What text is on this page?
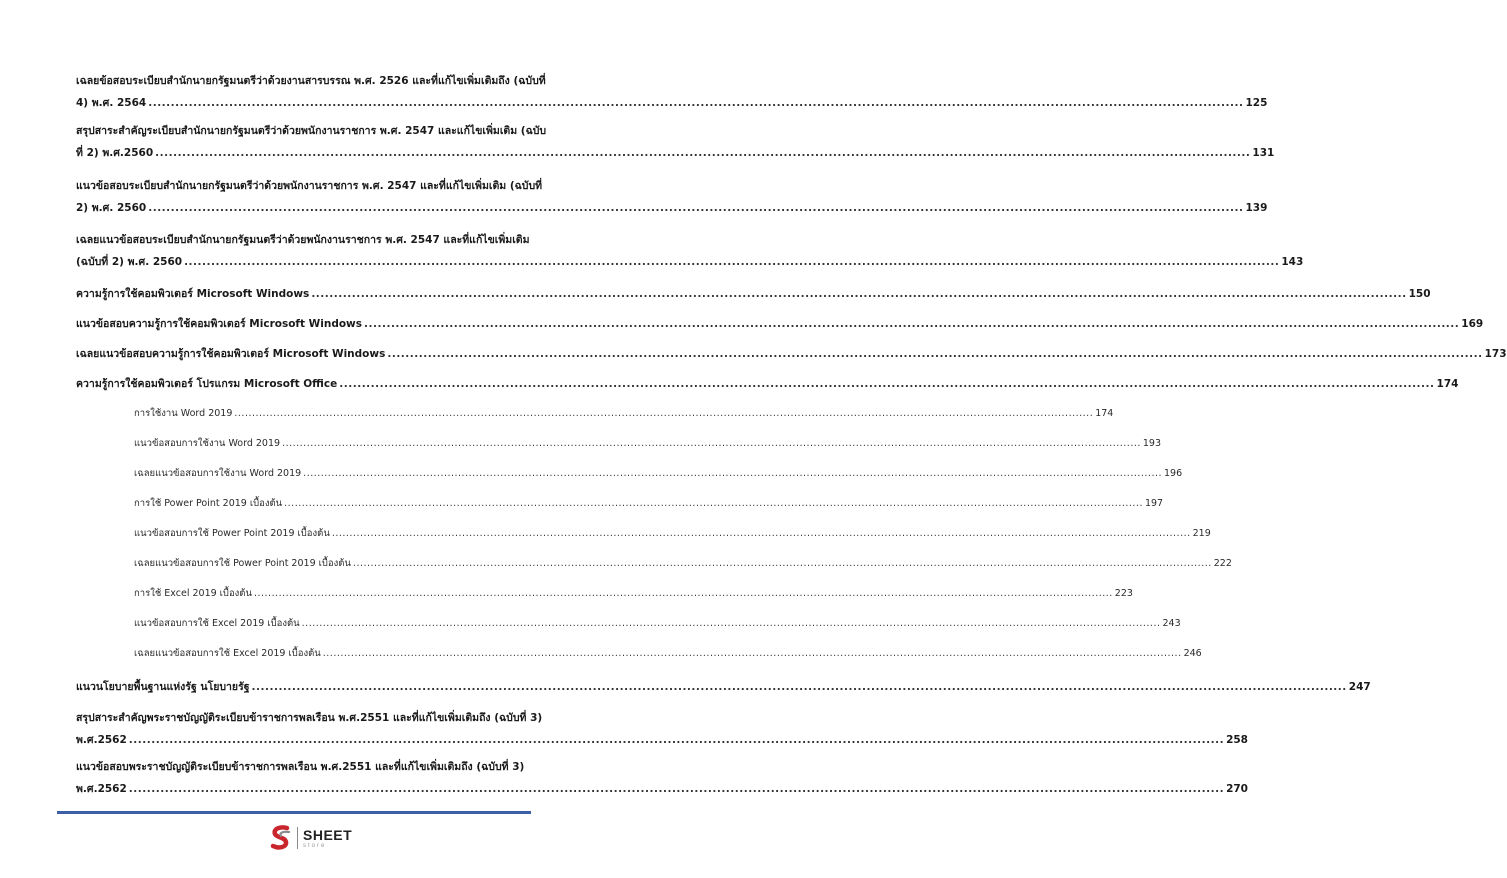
เฉลยข้อสอบระเบียบสำนักนายกรัฐมนตรีว่าด้วยงานสารบรรณ พ.ศ. 2526 และที่แก้ไขเพิ่มเติมถึง (ฉบับที่
4) พ.ศ. 2564 .....	125
สรุปสาระสำคัญระเบียบสำนักนายกรัฐมนตรีว่าด้วยพนักงานราชการ พ.ศ. 2547 และแก้ไขเพิ่มเติม (ฉบับ
ที่ 2) พ.ศ.2560 .....	131
แนวข้อสอบระเบียบสำนักนายกรัฐมนตรีว่าด้วยพนักงานราชการ พ.ศ. 2547 และที่แก้ไขเพิ่มเติม (ฉบับที่
2) พ.ศ. 2560 .....	139
เฉลยแนวข้อสอบระเบียบสำนักนายกรัฐมนตรีว่าด้วยพนักงานราชการ พ.ศ. 2547 และที่แก้ไขเพิ่มเติม
(ฉบับที่ 2) พ.ศ. 2560 .....	143
ความรู้การใช้คอมพิวเตอร์ Microsoft Windows .....	150
แนวข้อสอบความรู้การใช้คอมพิวเตอร์ Microsoft Windows .....	169
เฉลยแนวข้อสอบความรู้การใช้คอมพิวเตอร์ Microsoft Windows .....	173
ความรู้การใช้คอมพิวเตอร์ โปรแกรม Microsoft Office .....	174
การใช้งาน Word 2019 .....	174
แนวข้อสอบการใช้งาน Word 2019 .....	193
เฉลยแนวข้อสอบการใช้งาน Word 2019 .....	196
การใช้ Power Point 2019 เบื้องต้น .....	197
แนวข้อสอบการใช้ Power Point 2019 เบื้องต้น .....	219
เฉลยแนวข้อสอบการใช้ Power Point 2019 เบื้องต้น .....	222
การใช้ Excel 2019 เบื้องต้น .....	223
แนวข้อสอบการใช้ Excel 2019 เบื้องต้น .....	243
เฉลยแนวข้อสอบการใช้ Excel 2019 เบื้องต้น .....	246
แนวนโยบายพื้นฐานแห่งรัฐ นโยบายรัฐ .....	247
สรุปสาระสำคัญพระราชบัญญัติระเบียบข้าราชการพลเรือน พ.ศ.2551 และที่แก้ไขเพิ่มเติมถึง (ฉบับที่ 3)
พ.ศ.2562 .....	258
แนวข้อสอบพระราชบัญญัติระเบียบข้าราชการพลเรือน พ.ศ.2551 และที่แก้ไขเพิ่มเติมถึง (ฉบับที่ 3)
พ.ศ.2562 .....	270
SHEET
store
